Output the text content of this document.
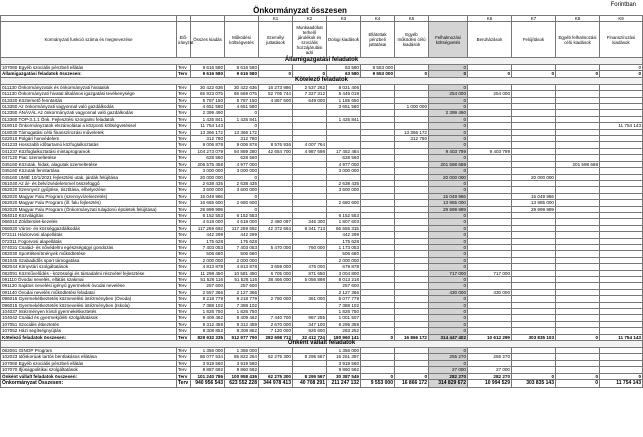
Forintban
Önkormányzat összesen
				K1	K2	K3	K4	K5		K6	K7	K8	K9
Kormányzati funkció száma és megnevezése	Elő-irányzat	Összes kiadás	Működési költségvetés	Személyi juttatások	Munkaadókat terhelő járulékok és szociális hozzájárulási adó	Dologi kiadások	Ellátottak pénzbeli juttatásai	Egyéb működési célú kiadások	Felhalmozási költségvetés	Beruházások	Felújítások	Egyéb felhalmozási célú kiadások	Finanszírozási kiadások
Államigazgatási feladatok													
107060 Egyéb szociális pénzbeli ellátás	Terv	9 616 580	9 616 580			63 580	9 553 000		0				0
Államigazgatási feladatok összesen:	Terv	9 616 580	9 616 580	0	0	63 580	9 553 000	0	0	0	0	0	0
Kötelező feladatok													
011130 Önkormányzatok és önkormányzati hivatalok	Terv	30 422 636	30 422 636	16 273 986	2 537 262	8 021 406			0				
011130 Önkormányzati hivatal általános igazgatási tevékenysége	Terv	65 923 075	65 669 075	52 705 744	7 327 312	5 446 019			254 000	254 000			
013320 Köztemető fenntartás	Terv	5 787 150	5 787 150	4 867 500	649 000	1 185 650			0				
013350 Az önkormányzati vagyonnal való gazdálkodás	Terv	4 651 580	4 651 580			3 651 580		1 000 000	0				
013350 ÁNÁVÁL Az önkormányzati vagyonnal való gazdálkodás	Terv	2 399 490	0						2 399 490				
013360 TOP-3.1.1 Önk. Fejlesztési szorgalmi feladatok	Terv	1 425 841	1 425 841			1 425 841			0				
018010 Önkormányzatok elszámolásai a központi költségvetéssel	Terv	11 754 143	0						0				11 754 143
018030 Támogatási célú finanszírozási műveletek	Terv	13 366 172	13 366 172					13 366 172	0				
022010 Polgári honvédelem	Terv	312 780	312 780					312 780	0				
041233 Hosszabb időtartamú közfoglalkoztatás	Terv	9 006 878	9 006 878	8 576 936	4 007 764				0				
041237 Közfoglalkoztatási mintaprogramok	Terv	104 273 079	94 889 280	42 654 700	4 987 698	17 452 484			9 403 799	9 403 799			
047120 Piac üzemeltetése	Terv	628 560	628 560			628 560			0				
045160 Közutak, hidak, alagutak üzemeltetése	Terv	206 575 458	4 977 000			4 977 000			201 598 688			201 598 688	
045160 Közutak fenntartása	Terv	3 000 000	3 000 000			3 000 000			0				
045160 UMIÉ 10/1/2021 fejlesztési utak, járdák felújítása	Terv	20 000 000	0						20 000 000		20 000 000		
051040 Az ár- és belvízvédelemmel összefüggő	Terv	2 638 435	2 638 435			2 638 435			0				
052020 Szennyvíz gyűjtése, tisztítása, elhelyezése	Terv	3 600 000	3 600 000			3 600 000			0				
052020 Magyar Falu Program (szennyvízelvezetés)	Terv	15 049 966	0						15 049 966		15 049 966		
062020 Magyar Falu Program (ill. falu fejlesztés)	Terv	16 665 600	2 680 600			2 680 600			13 985 000		13 985 000		
062020 Magyar Falu Program (Önkormányzati tulajdonú épületek felújítása)	Terv	29 999 999	0						29 999 999		29 999 999		
064010 Közvilágítás	Terv	6 152 553	6 152 553			6 152 553			0				
066010 Zöldterület-kezelés	Terv	4 618 000	4 618 000	2 480 097	346 300	1 807 603			0				
066020 Város- és községgazdálkodás	Terv	117 269 692	117 269 692	42 372 664	8 341 713	66 555 315			0				
072111 Háziorvosi alapellátás	Terv	442 299	442 299			442 299			0				
072311 Fogorvosi alapellátás	Terv	175 628	175 628			175 628			0				
074031 Család- és nővédelmi egészségügyi gondozás	Terv	7 403 053	7 403 053	5 470 000	760 000	1 173 053			0				
082030 Sportlétesítmények működtetése	Terv	506 680	506 680			506 680			0				
081045 Szabadidős sport támogatása	Terv	2 000 000	2 000 000			2 000 000			0				
082044 Könyvtári szolgáltatások	Terv	4 813 878	4 813 878	3 659 000	475 000	679 878			0				
082091 Közművelődés - közösségi és társadalmi részvétel fejlesztése	Terv	11 298 450	10 581 450	6 705 000	871 650	3 004 800			717 000	717 000			
091110 Óvodai nevelés, ellátás szakmai	Terv	51 526 116	51 526 116	38 456 000	5 056 898	8 013 218			0				
091120 Sajátos nevelési igényű gyermekek óvodai nevelése	Terv	257 600	257 600			257 600			0				
091140 Óvodai nevelés működtetési feladatai	Terv	2 557 366	2 127 366			2 127 366			430 000	430 000			
096015 Gyermekétkeztetés köznevelési intézményben (Óvoda)	Terv	9 218 779	9 218 779	2 780 000	361 000	6 077 779			0				
096015 Gyermekétkeztetés köznevelési intézményben (Iskola)	Terv	7 388 102	7 388 102			7 388 102			0				
104037 Intézményen kívüli gyermekétkeztetés	Terv	1 826 750	1 826 750			1 826 750			0				
104042 Család és gyermekjóléti szolgáltatások	Terv	9 409 462	9 409 462	7 440 700	967 255	1 001 507			0				
107051 Szociális étkeztetés	Terv	9 312 459	9 312 459	2 670 000	347 100	6 295 359			0				
107052 Házi segítségnyújtás	Terv	8 308 852	8 308 852	7 120 000	925 600	263 252			0				
Kötelező feladatok összesen:	Terv	829 932 335	512 977 790	282 698 712	32 412 724	180 960 141	0	16 866 172	314 447 402	10 612 299	303 835 103	0	11 754 143
Önként vállalt feladatok													
082091 GINOP Program	Terv	1 356 000	1 356 000			1 356 000			0				
102023 Időskorúak tartós bentlakásos ellátása	Terv	86 077 534	85 822 264	62 275 300	8 295 567	15 251 397			255 270	255 270			
107060 Egyéb szociális pénzbeli ellátás	Terv	3 919 560	3 919 560			3 919 560			0				
107070 Ifjúságpolitikai szolgáltatások	Terv	9 887 692	9 860 592			9 860 592			27 000	27 000			
Önként vállalt feladatok összesen:	Terv	101 240 786	100 958 436	62 275 300	8 295 567	30 387 549	0	0	282 270	282 270	0	0	0
Önkormányzat Összesen:	Terv	940 956 543	623 552 228	344 978 413	40 708 291	211 247 132	9 553 000	16 866 172	314 829 672	10 994 529	303 835 143	0	11 754 143
